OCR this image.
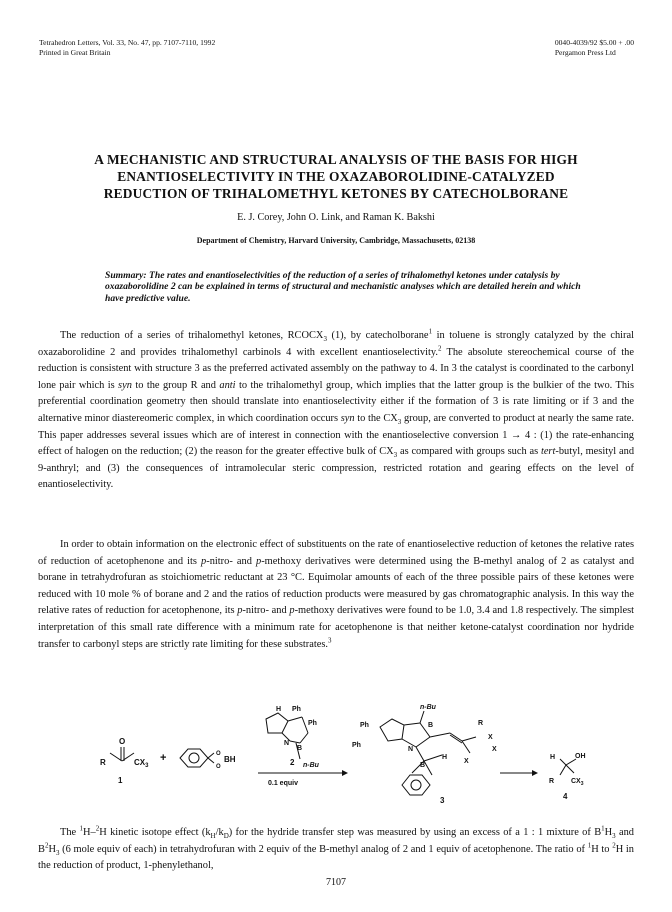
Tetrahedron Letters, Vol. 33, No. 47, pp. 7107-7110, 1992
Printed in Great Britain
0040-4039/92 $5.00 + .00
Pergamon Press Ltd
A MECHANISTIC AND STRUCTURAL ANALYSIS OF THE BASIS FOR HIGH
ENANTIOSELECTIVITY IN THE OXAZABOROLIDINE-CATALYZED
REDUCTION OF TRIHALOMETHYL KETONES BY CATECHOLBORANE
E. J. Corey, John O. Link, and Raman K. Bakshi
Department of Chemistry, Harvard University, Cambridge, Massachusetts, 02138
Summary: The rates and enantioselectivities of the reduction of a series of trihalomethyl ketones under catalysis by oxazaborolidine 2 can be explained in terms of structural and mechanistic analyses which are detailed herein and which have predictive value.
The reduction of a series of trihalomethyl ketones, $RCOCX_3$ (1), by catecholborane$^1$ in toluene is strongly catalyzed by the chiral oxazaborolidine 2 and provides trihalomethyl carbinols 4 with excellent enantioselectivity.$^2$ The absolute stereochemical course of the reduction is consistent with structure 3 as the preferred activated assembly on the pathway to 4. In 3 the catalyst is coordinated to the carbonyl lone pair which is syn to the group R and anti to the trihalomethyl group, which implies that the latter group is the bulkier of the two. This preferential coordination geometry then should translate into enantioselectivity either if the formation of 3 is rate limiting or if 3 and the alternative minor diastereomeric complex, in which coordination occurs syn to the $CX_3$ group, are converted to product at nearly the same rate. This paper addresses several issues which are of interest in connection with the enantioselective conversion 1 → 4 : (1) the rate-enhancing effect of halogen on the reduction; (2) the reason for the greater effective bulk of $CX_3$ as compared with groups such as tert-butyl, mesityl and 9-anthryl; and (3) the consequences of intramolecular steric compression, restricted rotation and gearing effects on the level of enantioselectivity.
In order to obtain information on the electronic effect of substituents on the rate of enantioselective reduction of ketones the relative rates of reduction of acetophenone and its p-nitro- and p-methoxy derivatives were determined using the B-methyl analog of 2 as catalyst and borane in tetrahydrofuran as stoichiometric reductant at 23 °C. Equimolar amounts of each of the three possible pairs of these ketones were reduced with 10 mole % of borane and 2 and the ratios of reduction products were measured by gas chromatographic analysis. In this way the relative rates of reduction for acetophenone, its p-nitro- and p-methoxy derivatives were found to be 1.0, 3.4 and 1.8 respectively. The simplest interpretation of this small rate difference with a minimum rate for acetophenone is that neither ketone-catalyst coordination nor hydride transfer to carbonyl steps are strictly rate limiting for these substrates.$^3$
O
R	$CX_3$
1
+	O
O
BH
H Ph
Ph
N
B
2 n-Bu
0.1 equiv
Ph
Ph
n-Bu
N
B
B
H
R
X
X
X
3
H	OH
R $CX_3$
4
The $^1$H–$^2$H kinetic isotope effect $(k_H/k_D)$ for the hydride transfer step was measured by using an excess of a 1 : 1 mixture of $B^1H_3$ and $B^2H_3$ (6 mole equiv of each) in tetrahydrofuran with 2 equiv of the B-methyl analog of 2 and 1 equiv of acetophenone. The ratio of $^1$H to $^2$H in the reduction of product, 1-phenylethanol,
7107
